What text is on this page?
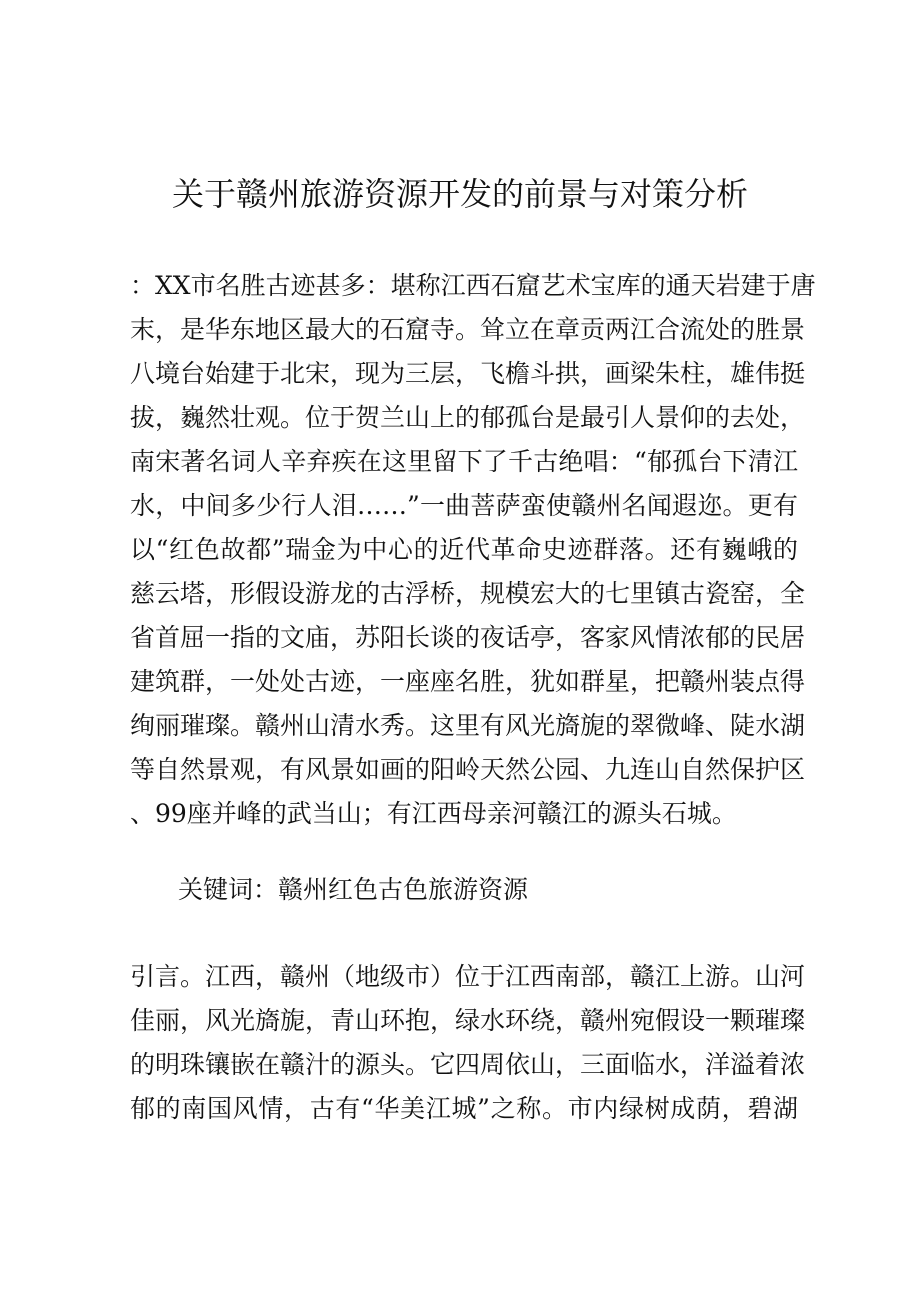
关于赣州旅游资源开发的前景与对策分析
：XX市名胜古迹甚多：堪称江西石窟艺术宝库的通天岩建于唐
末，是华东地区最大的石窟寺。耸立在章贡两江合流处的胜景
八境台始建于北宋，现为三层，飞檐斗拱，画梁朱柱，雄伟挺
拔，巍然壮观。位于贺兰山上的郁孤台是最引人景仰的去处，
南宋著名词人辛弃疾在这里留下了千古绝唱：“郁孤台下清江
水，中间多少行人泪……”一曲菩萨蛮使赣州名闻遐迩。更有
以“红色故都”瑞金为中心的近代革命史迹群落。还有巍峨的
慈云塔，形假设游龙的古浮桥，规模宏大的七里镇古瓷窑，全
省首屈一指的文庙，苏阳长谈的夜话亭，客家风情浓郁的民居
建筑群，一处处古迹，一座座名胜，犹如群星，把赣州装点得
绚丽璀璨。赣州山清水秀。这里有风光旖旎的翠微峰、陡水湖
等自然景观，有风景如画的阳岭天然公园、九连山自然保护区
、99座并峰的武当山；有江西母亲河赣江的源头石城。
关键词：赣州红色古色旅游资源
引言。江西，赣州（地级市）位于江西南部，赣江上游。山河
佳丽，风光旖旎，青山环抱，绿水环绕，赣州宛假设一颗璀璨
的明珠镶嵌在赣汁的源头。它四周依山，三面临水，洋溢着浓
郁的南国风情，古有“华美江城”之称。市内绿树成荫，碧湖
